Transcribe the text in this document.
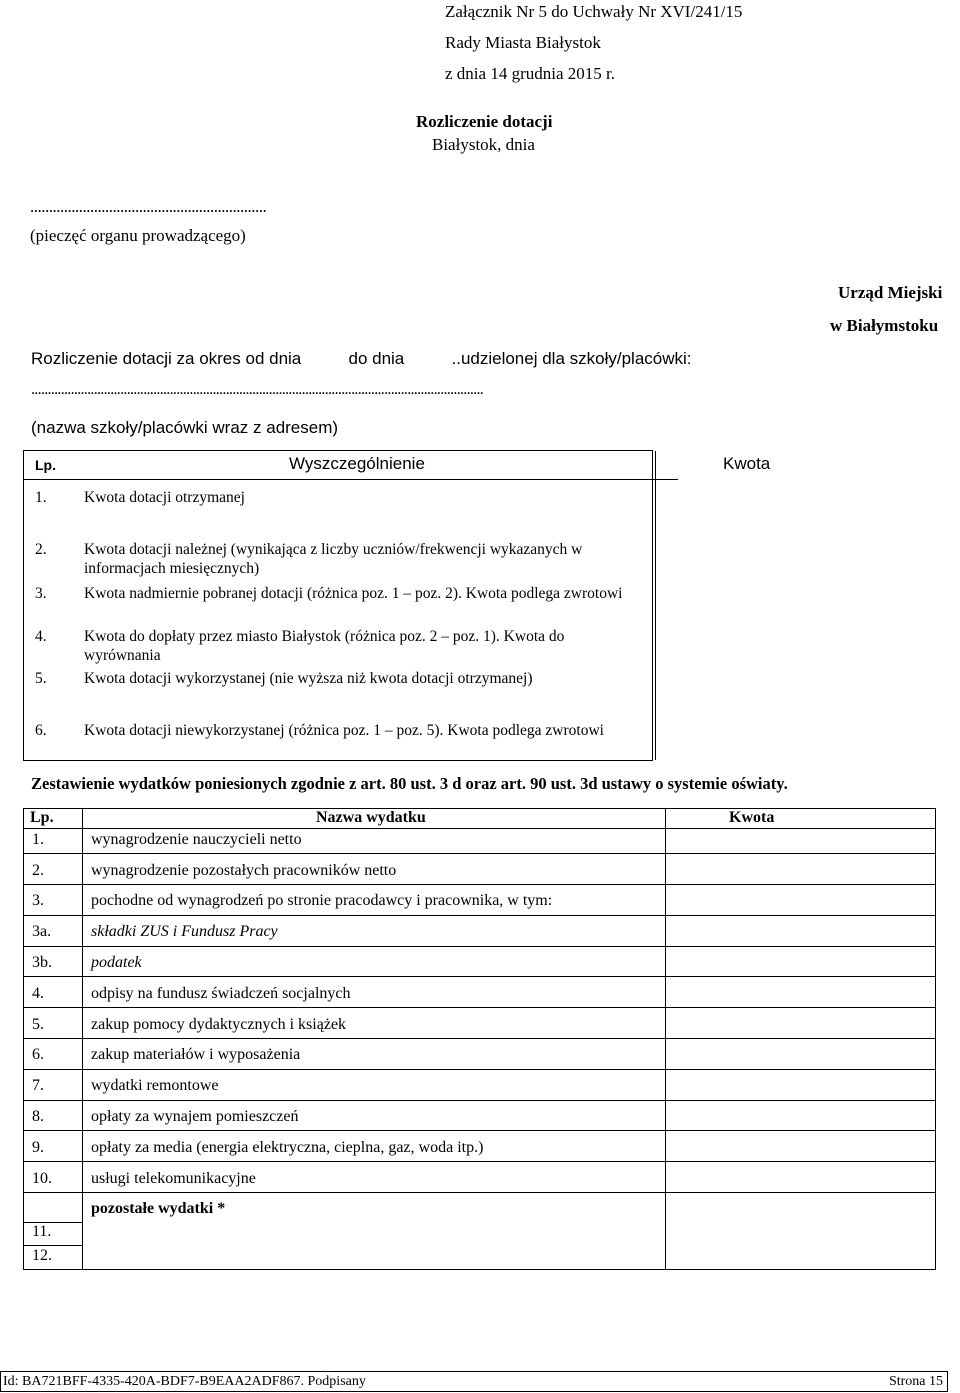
Załącznik Nr 5 do Uchwały Nr XVI/241/15
Rady Miasta Białystok
z dnia 14 grudnia 2015 r.
Rozliczenie dotacji
Białystok, dnia
...............................................................
(pieczęć organu prowadzącego)
Urząd Miejski
w Białymstoku
Rozliczenie dotacji za okres od dnia          do dnia          ..udzielonej dla szkoły/placówki:
.........................................................................................................................................
(nazwa szkoły/placówki wraz z adresem)
Lp.	Wyszczególnienie	Kwota
1. Kwota dotacji otrzymanej
2. Kwota dotacji należnej (wynikająca z liczby uczniów/frekwencji wykazanych w informacjach miesięcznych)
3. Kwota nadmiernie pobranej dotacji (różnica poz. 1 – poz. 2). Kwota podlega zwrotowi
4. Kwota do dopłaty przez miasto Białystok (różnica poz. 2 – poz. 1). Kwota do wyrównania
5. Kwota dotacji wykorzystanej (nie wyższa niż kwota dotacji otrzymanej)
6. Kwota dotacji niewykorzystanej (różnica poz. 1 – poz. 5). Kwota podlega zwrotowi
Zestawienie wydatków poniesionych zgodnie z art. 80 ust. 3 d oraz art. 90 ust. 3d ustawy o systemie oświaty.
Lp.	Nazwa wydatku	Kwota
1.	wynagrodzenie nauczycieli netto
2.	wynagrodzenie pozostałych pracowników netto
3.	pochodne od wynagrodzeń po stronie pracodawcy i pracownika, w tym:
3a. składki ZUS i Fundusz Pracy
3b. podatek
4.	odpisy na fundusz świadczeń socjalnych
5.	zakup pomocy dydaktycznych i książek
6.	zakup materiałów i wyposażenia
7.	wydatki remontowe
8.	opłaty za wynajem pomieszczeń
9.	opłaty za media (energia elektryczna, cieplna, gaz, woda itp.)
10. usługi telekomunikacyjne
pozostałe wydatki *
11.
12.
Id: BA721BFF-4335-420A-BDF7-B9EAA2ADF867. Podpisany	Strona 15
